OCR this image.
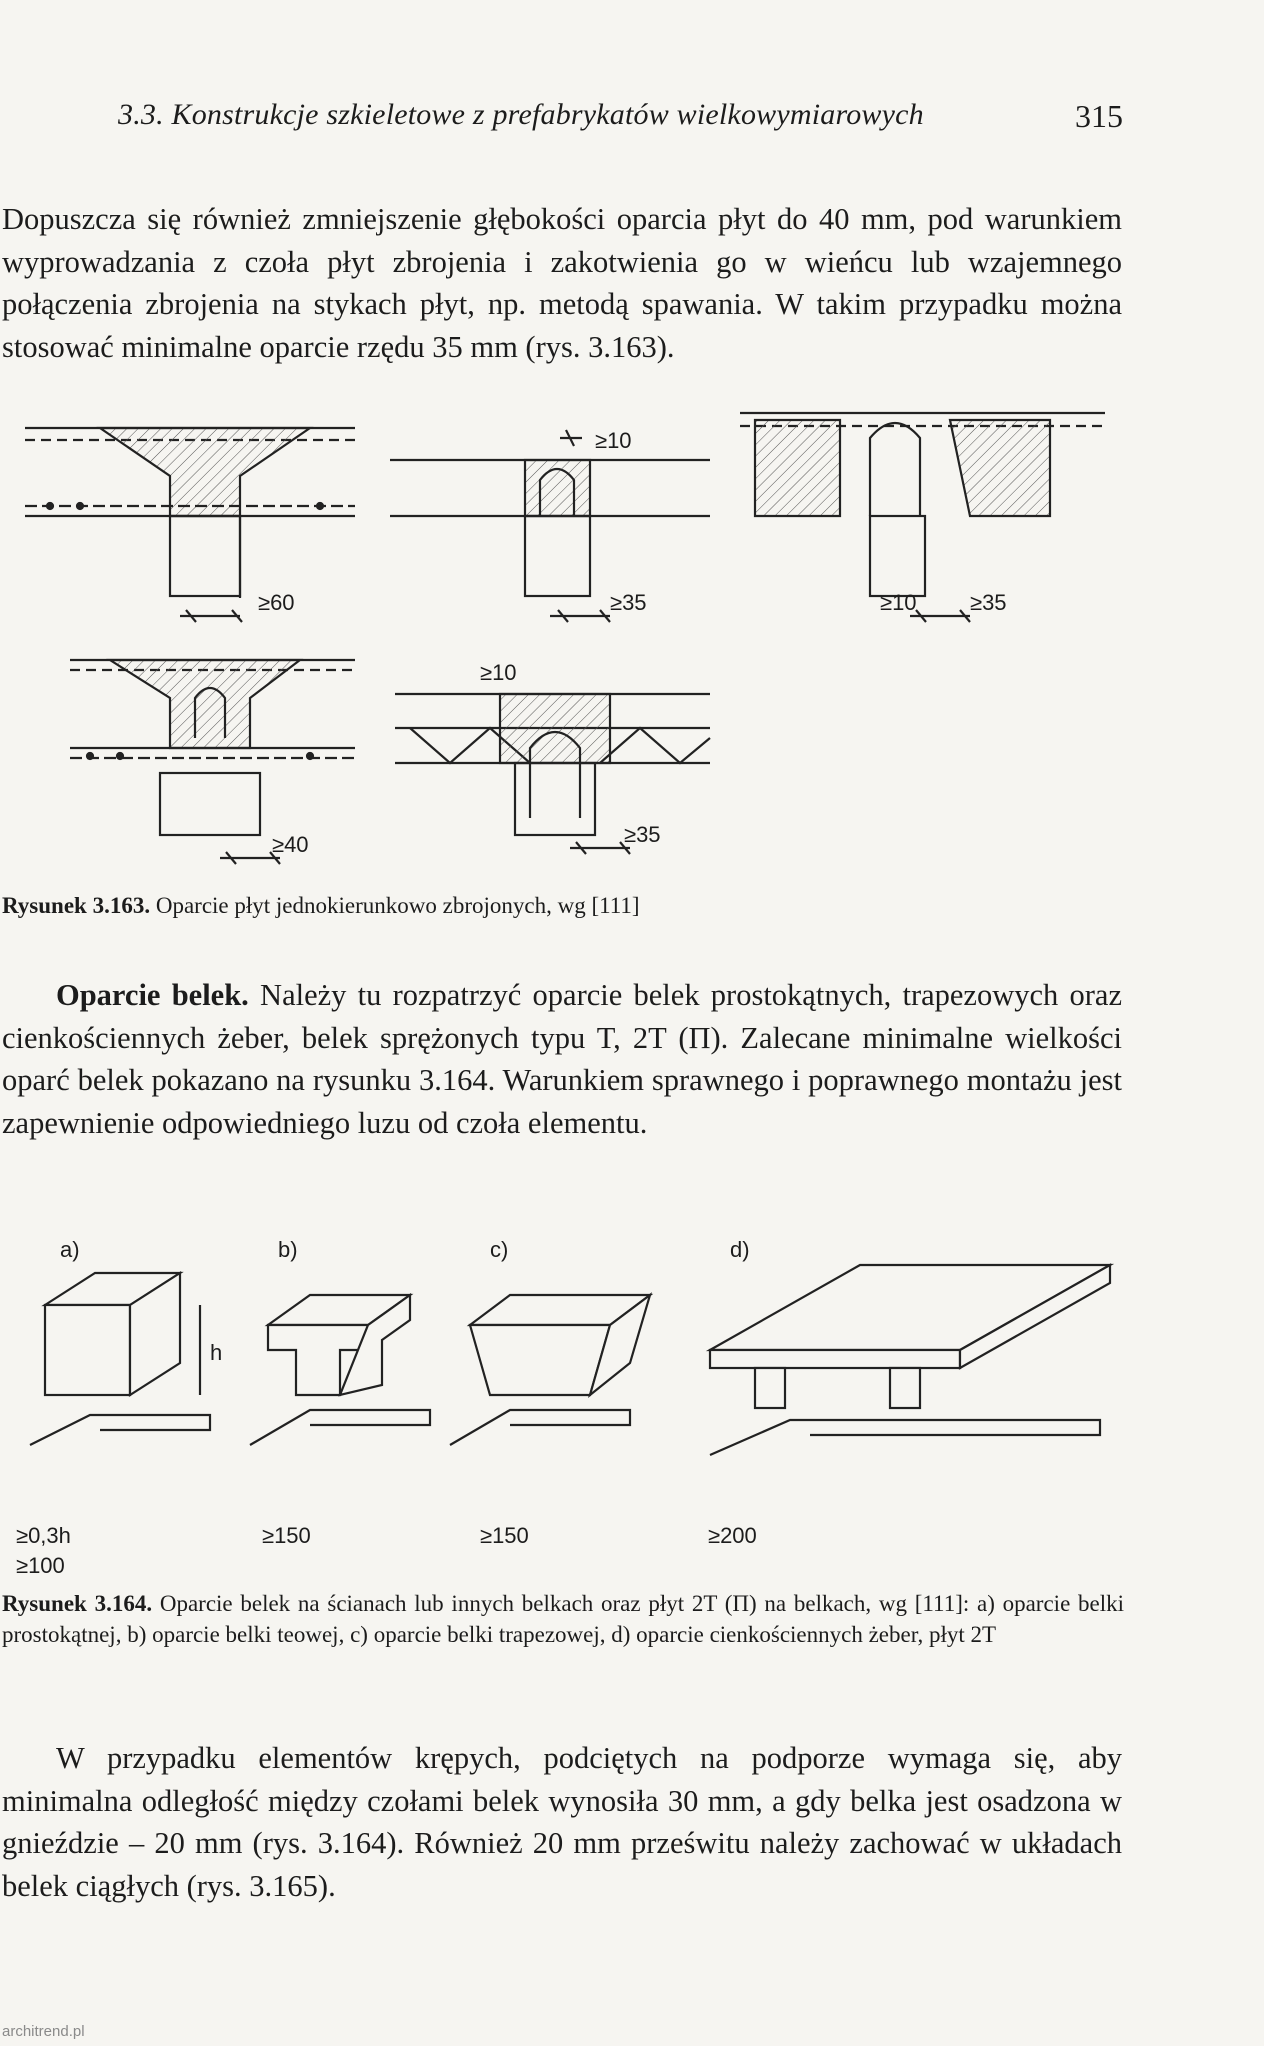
3.3. Konstrukcje szkieletowe z prefabrykatów wielkowymiarowych	315

Dopuszcza się również zmniejszenie głębokości oparcia płyt do 40 mm, pod warunkiem wyprowadzania z czoła płyt zbrojenia i zakotwienia go w wieńcu lub wzajemnego połączenia zbrojenia na stykach płyt, np. metodą spawania. W takim przypadku można stosować minimalne oparcie rzędu 35 mm (rys. 3.163).

≥10
≥60	≥35	≥10 ≥35
≥10
≥40	≥35

Rysunek 3.163. Oparcie płyt jednokierunkowo zbrojonych, wg [111]

Oparcie belek. Należy tu rozpatrzyć oparcie belek prostokątnych, trapezowych oraz cienkościennych żeber, belek sprężonych typu T, 2T (Π). Zalecane minimalne wielkości oparć belek pokazano na rysunku 3.164. Warunkiem sprawnego i poprawnego montażu jest zapewnienie odpowiedniego luzu od czoła elementu.

a)	b)	c)	d)
h
≥0,3h
≥100
≥150	≥150	≥200

Rysunek 3.164. Oparcie belek na ścianach lub innych belkach oraz płyt 2T (Π) na belkach, wg [111]: a) oparcie belki prostokątnej, b) oparcie belki teowej, c) oparcie belki trapezowej, d) oparcie cienkościennych żeber, płyt 2T

W przypadku elementów krępych, podciętych na podporze wymaga się, aby minimalna odległość między czołami belek wynosiła 30 mm, a gdy belka jest osadzona w gnieździe – 20 mm (rys. 3.164). Również 20 mm prześwitu należy zachować w układach belek ciągłych (rys. 3.165).

architrend.pl
